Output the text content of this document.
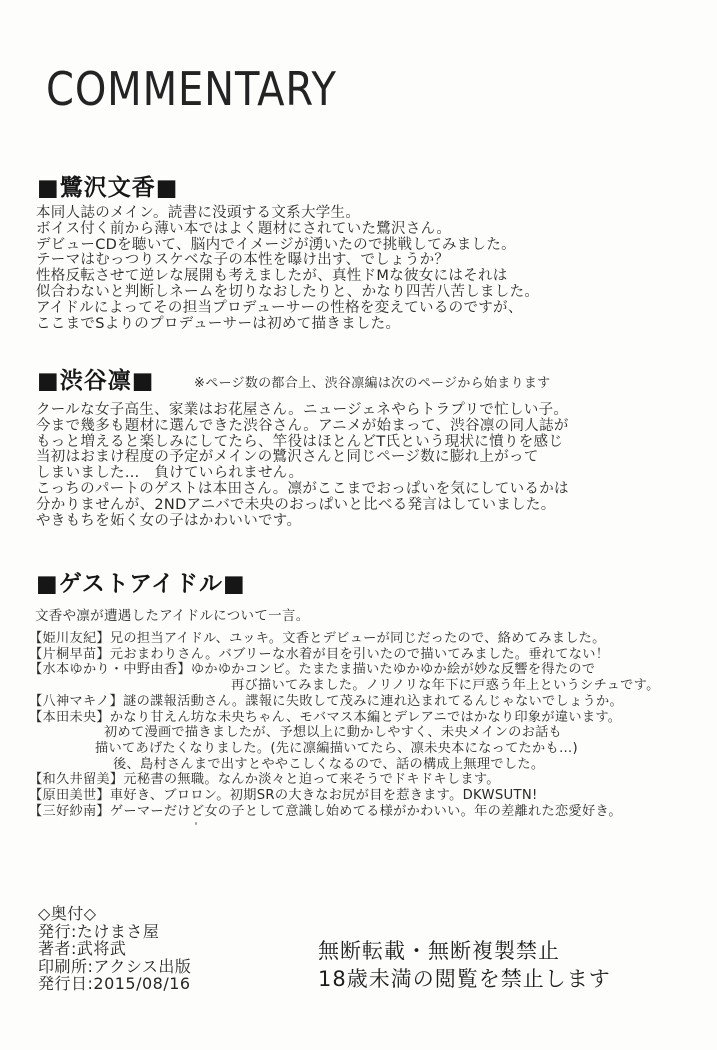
COMMENTARY
■鷺沢文香■
本同人誌のメイン。読書に没頭する文系大学生。
ボイス付く前から薄い本ではよく題材にされていた鷺沢さん。
デビューCDを聴いて、脳内でイメージが湧いたので挑戦してみました。
テーマはむっつりスケベな子の本性を曝け出す、でしょうか？
性格反転させて逆レな展開も考えましたが、真性ドMな彼女にはそれは
似合わないと判断しネームを切りなおしたりと、かなり四苦八苦しました。
アイドルによってその担当プロデューサーの性格を変えているのですが、
ここまでSよりのプロデューサーは初めて描きました。
■渋谷凛■	※ページ数の都合上、渋谷凛編は次のページから始まります
クールな女子高生、家業はお花屋さん。ニュージェネやらトラプリで忙しい子。
今まで幾多も題材に選んできた渋谷さん。アニメが始まって、渋谷凛の同人誌が
もっと増えると楽しみにしてたら、竿役はほとんどT氏という現状に憤りを感じ
当初はおまけ程度の予定がメインの鷺沢さんと同じページ数に膨れ上がって
しまいました…　負けていられません。
こっちのパートのゲストは本田さん。凛がここまでおっぱいを気にしているかは
分かりませんが、2NDアニバで未央のおっぱいと比べる発言はしていました。
やきもちを妬く女の子はかわいいです。
■ゲストアイドル■
文香や凛が遭遇したアイドルについて一言。
【姫川友紀】兄の担当アイドル、ユッキ。文香とデビューが同じだったので、絡めてみました。
【片桐早苗】元おまわりさん。バブリーな水着が目を引いたので描いてみました。垂れてない！
【水本ゆかり・中野由香】ゆかゆかコンビ。たまたま描いたゆかゆか絵が妙な反響を得たので
再び描いてみました。ノリノリな年下に戸惑う年上というシチュです。
【八神マキノ】謎の諜報活動さん。諜報に失敗して茂みに連れ込まれてるんじゃないでしょうか。
【本田未央】かなり甘えん坊な未央ちゃん、モバマス本編とデレアニではかなり印象が違います。
初めて漫画で描きましたが、予想以上に動かしやすく、未央メインのお話も
描いてあげたくなりました。(先に凛編描いてたら、凛未央本になってたかも…)
後、島村さんまで出すとややこしくなるので、話の構成上無理でした。
【和久井留美】元秘書の無職。なんか淡々と迫って来そうでドキドキします。
【原田美世】車好き、ブロロン。初期SRの大きなお尻が目を惹きます。DKWSUTN!
【三好紗南】ゲーマーだけど女の子として意識し始めてる様がかわいい。年の差離れた恋愛好き。
◇奥付◇
発行:たけまさ屋
著者:武将武
印刷所:アクシス出版
発行日:2015/08/16
無断転載・無断複製禁止
18歳未満の閲覧を禁止します
